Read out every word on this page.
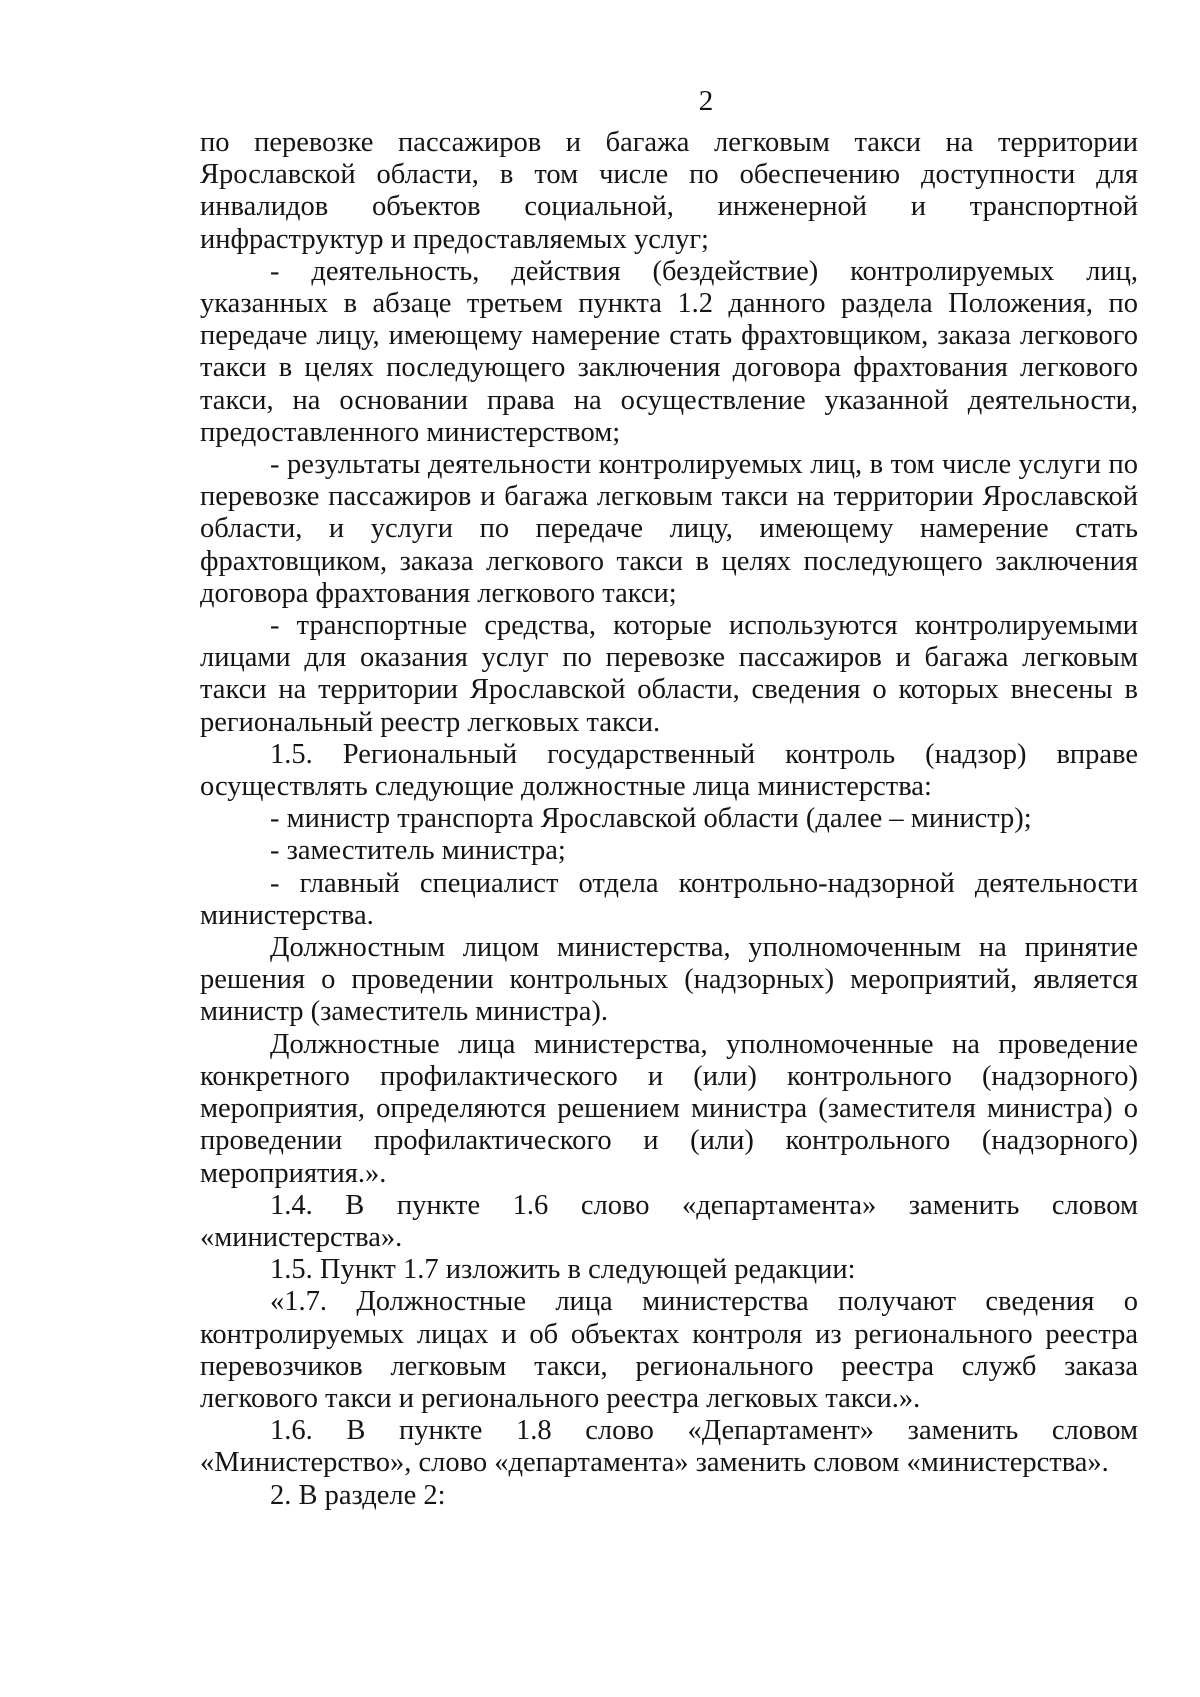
2

по перевозке пассажиров и багажа легковым такси на территории Ярославской области, в том числе по обеспечению доступности для инвалидов объектов социальной, инженерной и транспортной инфраструктур и предоставляемых услуг;

- деятельность, действия (бездействие) контролируемых лиц, указанных в абзаце третьем пункта 1.2 данного раздела Положения, по передаче лицу, имеющему намерение стать фрахтовщиком, заказа легкового такси в целях последующего заключения договора фрахтования легкового такси, на основании права на осуществление указанной деятельности, предоставленного министерством;

- результаты деятельности контролируемых лиц, в том числе услуги по перевозке пассажиров и багажа легковым такси на территории Ярославской области, и услуги по передаче лицу, имеющему намерение стать фрахтовщиком, заказа легкового такси в целях последующего заключения договора фрахтования легкового такси;

- транспортные средства, которые используются контролируемыми лицами для оказания услуг по перевозке пассажиров и багажа легковым такси на территории Ярославской области, сведения о которых внесены в региональный реестр легковых такси.

1.5. Региональный государственный контроль (надзор) вправе осуществлять следующие должностные лица министерства:

- министр транспорта Ярославской области (далее – министр);

- заместитель министра;

- главный специалист отдела контрольно-надзорной деятельности министерства.

Должностным лицом министерства, уполномоченным на принятие решения о проведении контрольных (надзорных) мероприятий, является министр (заместитель министра).

Должностные лица министерства, уполномоченные на проведение конкретного профилактического и (или) контрольного (надзорного) мероприятия, определяются решением министра (заместителя министра) о проведении профилактического и (или) контрольного (надзорного) мероприятия.».

1.4. В пункте 1.6 слово «департамента» заменить словом «министерства».

1.5. Пункт 1.7 изложить в следующей редакции:

«1.7. Должностные лица министерства получают сведения о контролируемых лицах и об объектах контроля из регионального реестра перевозчиков легковым такси, регионального реестра служб заказа легкового такси и регионального реестра легковых такси.».

1.6. В пункте 1.8 слово «Департамент» заменить словом «Министерство», слово «департамента» заменить словом «министерства».

2. В разделе 2:
